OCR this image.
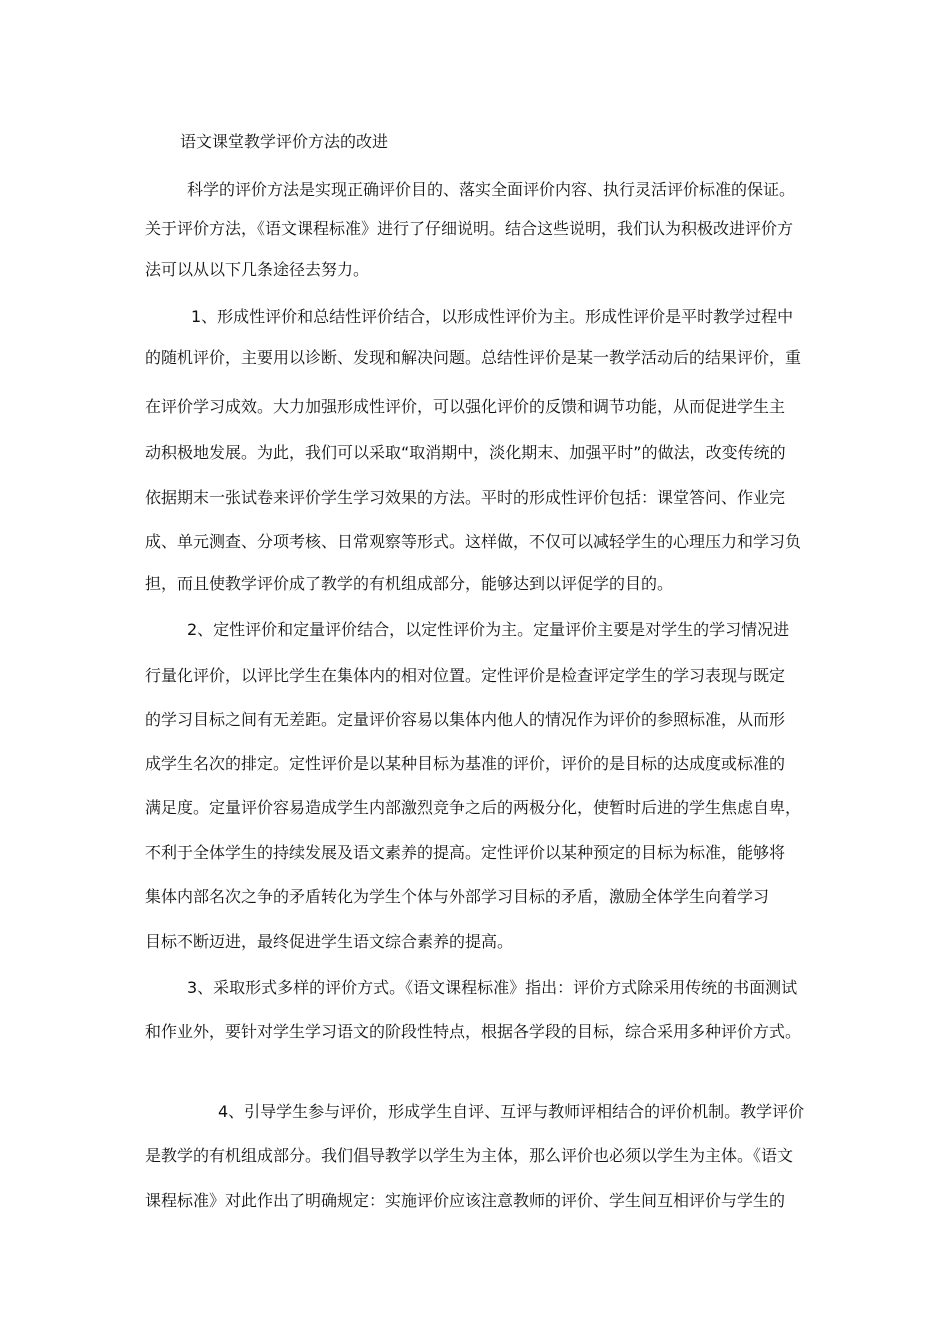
语文课堂教学评价方法的改进
科学的评价方法是实现正确评价目的、落实全面评价内容、执行灵活评价标准的保证。
关于评价方法，《语文课程标准》进行了仔细说明。结合这些说明，我们认为积极改进评价方
法可以从以下几条途径去努力。
1、形成性评价和总结性评价结合，以形成性评价为主。形成性评价是平时教学过程中
的随机评价，主要用以诊断、发现和解决问题。总结性评价是某一教学活动后的结果评价，重
在评价学习成效。大力加强形成性评价，可以强化评价的反馈和调节功能，从而促进学生主
动积极地发展。为此，我们可以采取“取消期中，淡化期末、加强平时”的做法，改变传统的
依据期末一张试卷来评价学生学习效果的方法。平时的形成性评价包括：课堂答问、作业完
成、单元测查、分项考核、日常观察等形式。这样做，不仅可以减轻学生的心理压力和学习负
担，而且使教学评价成了教学的有机组成部分，能够达到以评促学的目的。
2、定性评价和定量评价结合，以定性评价为主。定量评价主要是对学生的学习情况进
行量化评价，以评比学生在集体内的相对位置。定性评价是检查评定学生的学习表现与既定
的学习目标之间有无差距。定量评价容易以集体内他人的情况作为评价的参照标准，从而形
成学生名次的排定。定性评价是以某种目标为基准的评价，评价的是目标的达成度或标准的
满足度。定量评价容易造成学生内部激烈竞争之后的两极分化，使暂时后进的学生焦虑自卑，
不利于全体学生的持续发展及语文素养的提高。定性评价以某种预定的目标为标准，能够将
集体内部名次之争的矛盾转化为学生个体与外部学习目标的矛盾，激励全体学生向着学习
目标不断迈进，最终促进学生语文综合素养的提高。
3、采取形式多样的评价方式。《语文课程标准》指出：评价方式除采用传统的书面测试
和作业外，要针对学生学习语文的阶段性特点，根据各学段的目标，综合采用多种评价方式。
4、引导学生参与评价，形成学生自评、互评与教师评相结合的评价机制。教学评价
是教学的有机组成部分。我们倡导教学以学生为主体，那么评价也必须以学生为主体。《语文
课程标准》对此作出了明确规定：实施评价应该注意教师的评价、学生间互相评价与学生的
